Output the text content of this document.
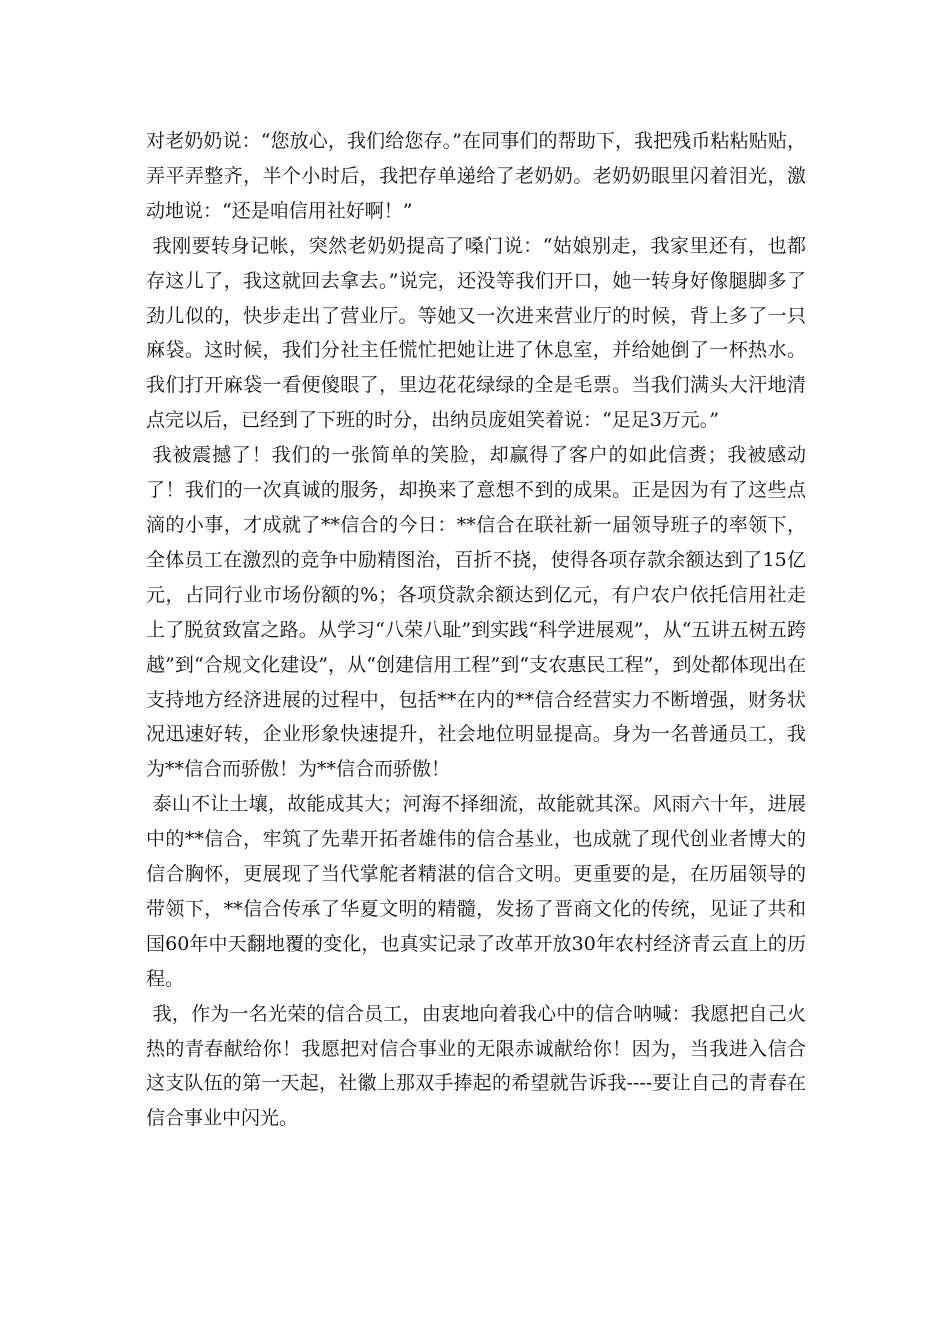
对老奶奶说：“您放心，我们给您存。”在同事们的帮助下，我把残币粘粘贴贴，弄平弄整齐，半个小时后，我把存单递给了老奶奶。老奶奶眼里闪着泪光，激动地说：“还是咱信用社好啊！”

我刚要转身记帐，突然老奶奶提高了嗓门说：“姑娘别走，我家里还有，也都存这儿了，我这就回去拿去。”说完，还没等我们开口，她一转身好像腿脚多了劲儿似的，快步走出了营业厅。等她又一次进来营业厅的时候，背上多了一只麻袋。这时候，我们分社主任慌忙把她让进了休息室，并给她倒了一杯热水。我们打开麻袋一看便傻眼了，里边花花绿绿的全是毛票。当我们满头大汗地清点完以后，已经到了下班的时分，出纳员庞姐笑着说：“足足3万元。”

我被震撼了！我们的一张简单的笑脸，却赢得了客户的如此信赉；我被感动了！我们的一次真诚的服务，却换来了意想不到的成果。正是因为有了这些点滴的小事，才成就了**信合的今日：**信合在联社新一届领导班子的率领下，全体员工在激烈的竞争中励精图治，百折不挠，使得各项存款余额达到了15亿元，占同行业市场份额的%；各项贷款余额达到亿元，有户农户依托信用社走上了脱贫致富之路。从学习“八荣八耻”到实践“科学进展观”，从“五讲五树五跨越”到“合规文化建设”，从“创建信用工程”到“支农惠民工程”，到处都体现出在支持地方经济进展的过程中，包括**在内的**信合经营实力不断增强，财务状况迅速好转，企业形象快速提升，社会地位明显提高。身为一名普通员工，我为**信合而骄傲！为**信合而骄傲！

泰山不让土壤，故能成其大；河海不择细流，故能就其深。风雨六十年，进展中的**信合，牢筑了先辈开拓者雄伟的信合基业，也成就了现代创业者博大的信合胸怀，更展现了当代掌舵者精湛的信合文明。更重要的是，在历届领导的带领下，**信合传承了华夏文明的精髓，发扬了晋商文化的传统，见证了共和国60年中天翻地覆的变化，也真实记录了改革开放30年农村经济青云直上的历程。

我，作为一名光荣的信合员工，由衷地向着我心中的信合呐喊：我愿把自己火热的青春献给你！我愿把对信合事业的无限赤诚献给你！因为，当我进入信合这支队伍的第一天起，社徽上那双手捧起的希望就告诉我----要让自己的青春在信合事业中闪光。
